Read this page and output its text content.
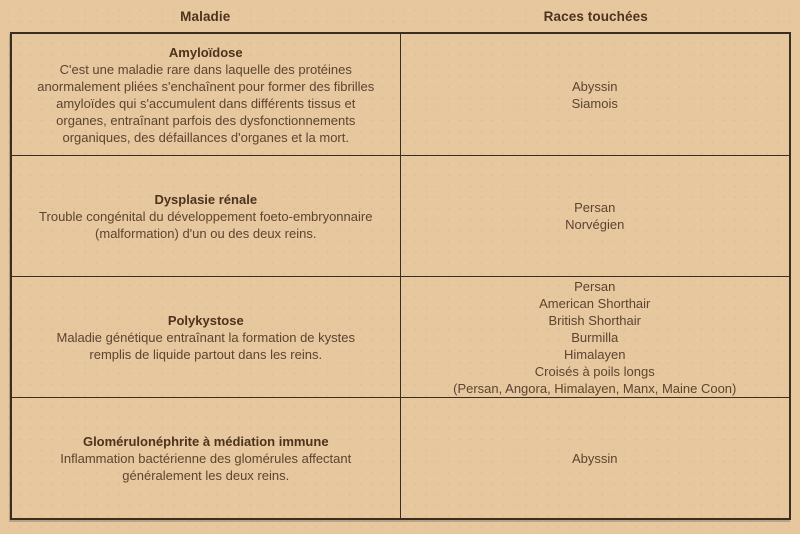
Maladie	Races touchées
Amyloïdose
C'est une maladie rare dans laquelle des protéines anormalement pliées s'enchaînent pour former des fibrilles amyloïdes qui s'accumulent dans différents tissus et organes, entraînant parfois des dysfonctionnements organiques, des défaillances d'organes et la mort.
Abyssin
Siamois
Dysplasie rénale
Trouble congénital du développement foeto-embryonnaire (malformation) d'un ou des deux reins.
Persan
Norvégien
Polykystose
Maladie génétique entraînant la formation de kystes remplis de liquide partout dans les reins.
Persan
American Shorthair
British Shorthair
Burmilla
Himalayen
Croisés à poils longs
(Persan, Angora, Himalayen, Manx, Maine Coon)
Glomérulonéphrite à médiation immune
Inflammation bactérienne des glomérules affectant généralement les deux reins.
Abyssin
